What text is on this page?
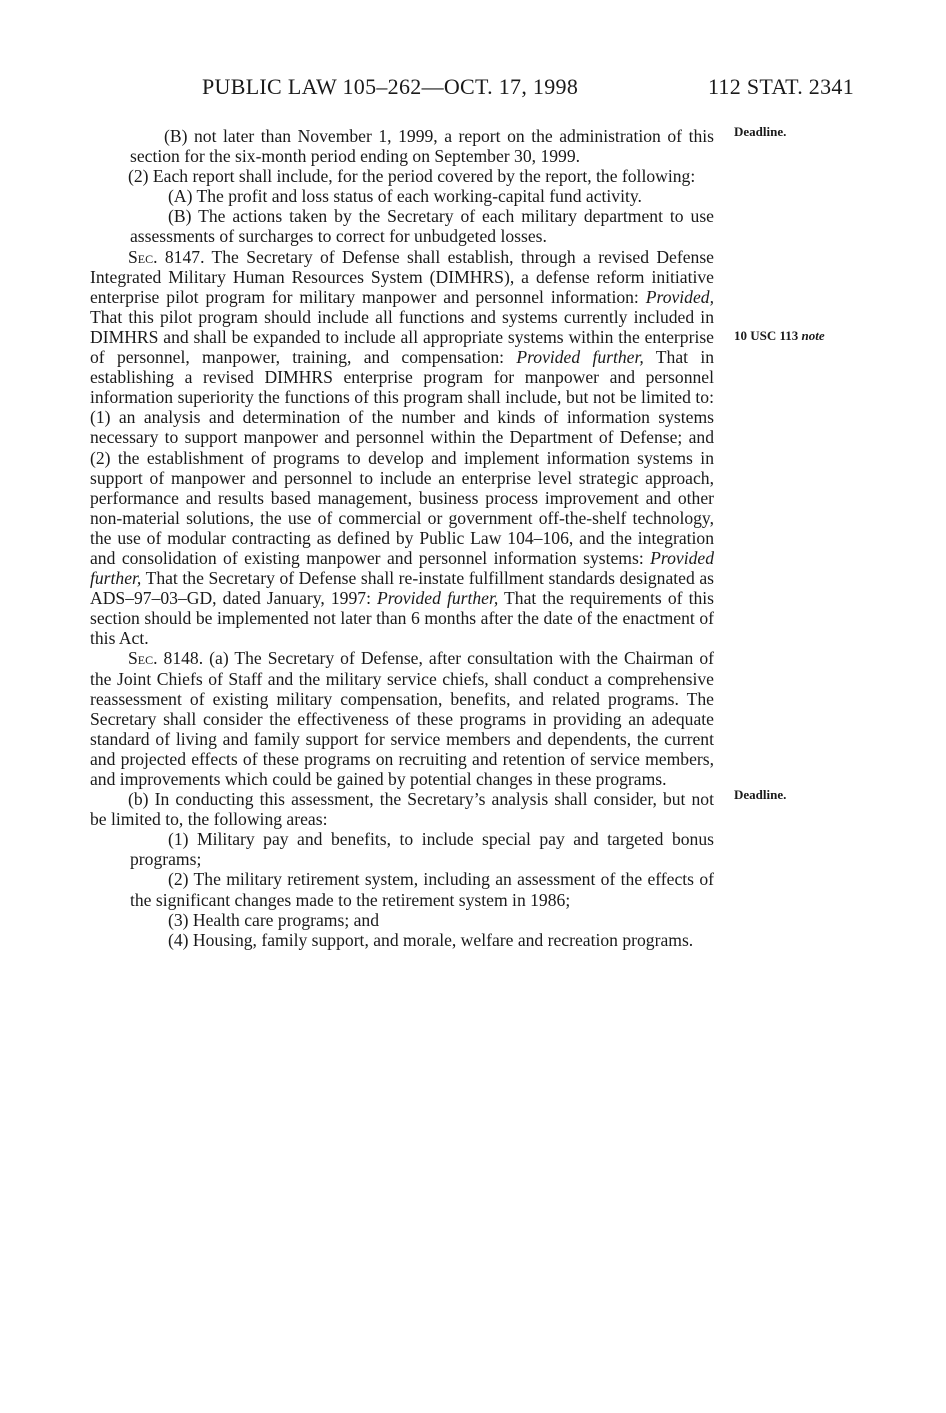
PUBLIC LAW 105–262—OCT. 17, 1998	112 STAT. 2341
Deadline.
10 USC 113 note
Deadline.

(B) not later than November 1, 1999, a report on the administration of this section for the six-month period ending on September 30, 1999.

(2) Each report shall include, for the period covered by the report, the following:

(A) The profit and loss status of each working-capital fund activity.

(B) The actions taken by the Secretary of each military department to use assessments of surcharges to correct for unbudgeted losses.

Sec. 8147. The Secretary of Defense shall establish, through a revised Defense Integrated Military Human Resources System (DIMHRS), a defense reform initiative enterprise pilot program for military manpower and personnel information: Provided, That this pilot program should include all functions and systems currently included in DIMHRS and shall be expanded to include all appropriate systems within the enterprise of personnel, manpower, training, and compensation: Provided further, That in establishing a revised DIMHRS enterprise program for manpower and personnel information superiority the functions of this program shall include, but not be limited to: (1) an analysis and determination of the number and kinds of information systems necessary to support manpower and personnel within the Department of Defense; and (2) the establishment of programs to develop and implement information systems in support of manpower and personnel to include an enterprise level strategic approach, performance and results based management, business process improvement and other non-material solutions, the use of commercial or government off-the-shelf technology, the use of modular contracting as defined by Public Law 104–106, and the integration and consolidation of existing manpower and personnel information systems: Provided further, That the Secretary of Defense shall re-instate fulfillment standards designated as ADS–97–03–GD, dated January, 1997: Provided further, That the requirements of this section should be implemented not later than 6 months after the date of the enactment of this Act.

Sec. 8148. (a) The Secretary of Defense, after consultation with the Chairman of the Joint Chiefs of Staff and the military service chiefs, shall conduct a comprehensive reassessment of existing military compensation, benefits, and related programs. The Secretary shall consider the effectiveness of these programs in providing an adequate standard of living and family support for service members and dependents, the current and projected effects of these programs on recruiting and retention of service members, and improvements which could be gained by potential changes in these programs.

(b) In conducting this assessment, the Secretary’s analysis shall consider, but not be limited to, the following areas:

(1) Military pay and benefits, to include special pay and targeted bonus programs;

(2) The military retirement system, including an assessment of the effects of the significant changes made to the retirement system in 1986;

(3) Health care programs; and

(4) Housing, family support, and morale, welfare and recreation programs.
